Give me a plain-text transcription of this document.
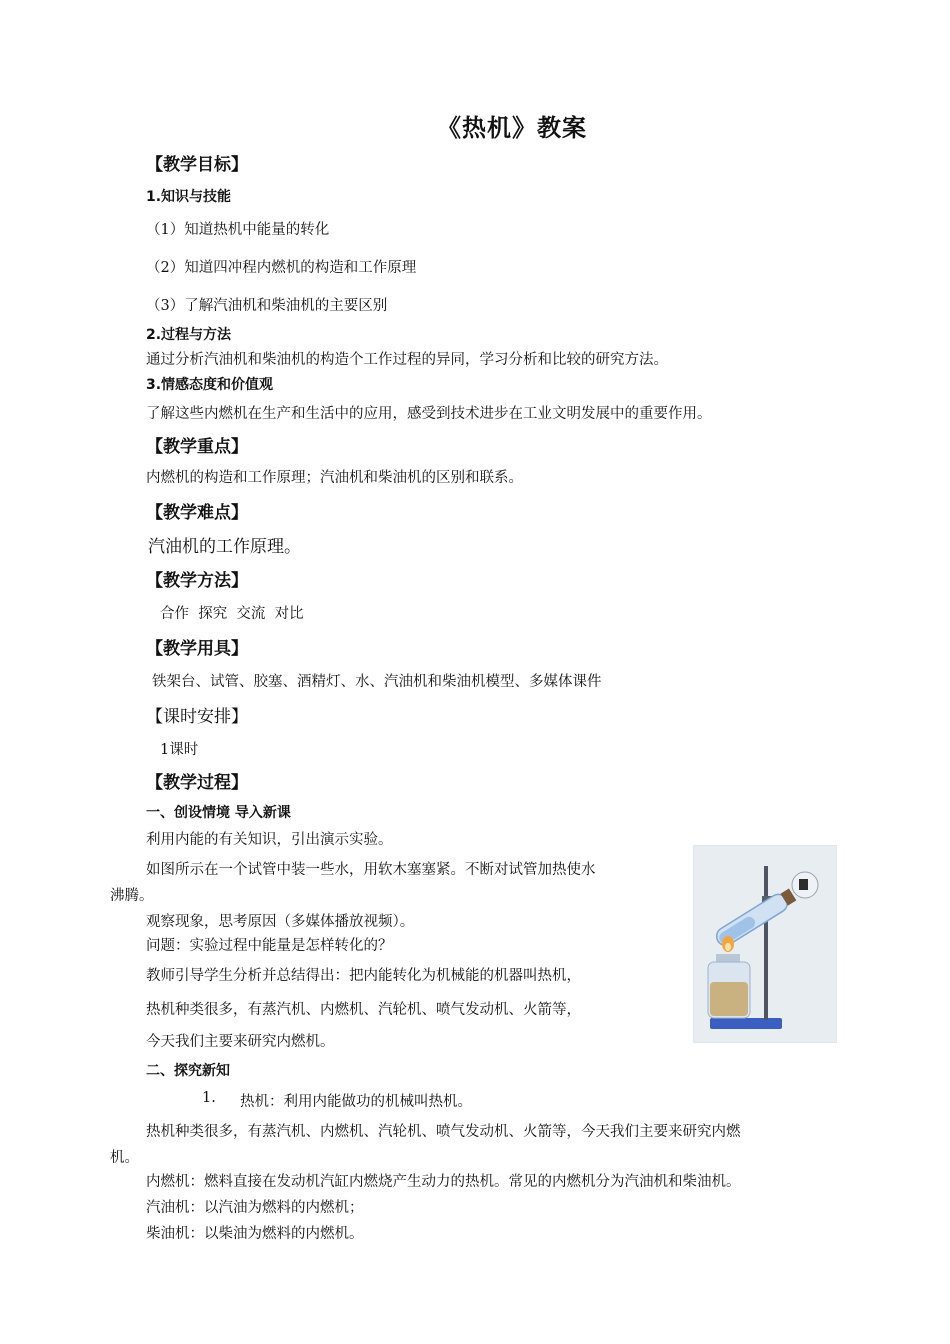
《热机》教案
【教学目标】
1.知识与技能
（1）知道热机中能量的转化
（2）知道四冲程内燃机的构造和工作原理
（3）了解汽油机和柴油机的主要区别
2.过程与方法
通过分析汽油机和柴油机的构造个工作过程的异同，学习分析和比较的研究方法。
3.情感态度和价值观
了解这些内燃机在生产和生活中的应用，感受到技术进步在工业文明发展中的重要作用。
【教学重点】
内燃机的构造和工作原理；汽油机和柴油机的区别和联系。
【教学难点】
汽油机的工作原理。
【教学方法】
合作  探究  交流  对比
【教学用具】
铁架台、试管、胶塞、酒精灯、水、汽油机和柴油机模型、多媒体课件
【课时安排】
1课时
【教学过程】
一、创设情境 导入新课
利用内能的有关知识，引出演示实验。
如图所示在一个试管中装一些水，用软木塞塞紧。不断对试管加热使水
沸腾。
观察现象，思考原因（多媒体播放视频）。
问题：实验过程中能量是怎样转化的？
教师引导学生分析并总结得出：把内能转化为机械能的机器叫热机，
热机种类很多，有蒸汽机、内燃机、汽轮机、喷气发动机、火箭等，
今天我们主要来研究内燃机。
二、探究新知
1. 热机：利用内能做功的机械叫热机。
热机种类很多，有蒸汽机、内燃机、汽轮机、喷气发动机、火箭等，今天我们主要来研究内燃
机。
内燃机：燃料直接在发动机汽缸内燃烧产生动力的热机。常见的内燃机分为汽油机和柴油机。
汽油机：以汽油为燃料的内燃机；
柴油机：以柴油为燃料的内燃机。
